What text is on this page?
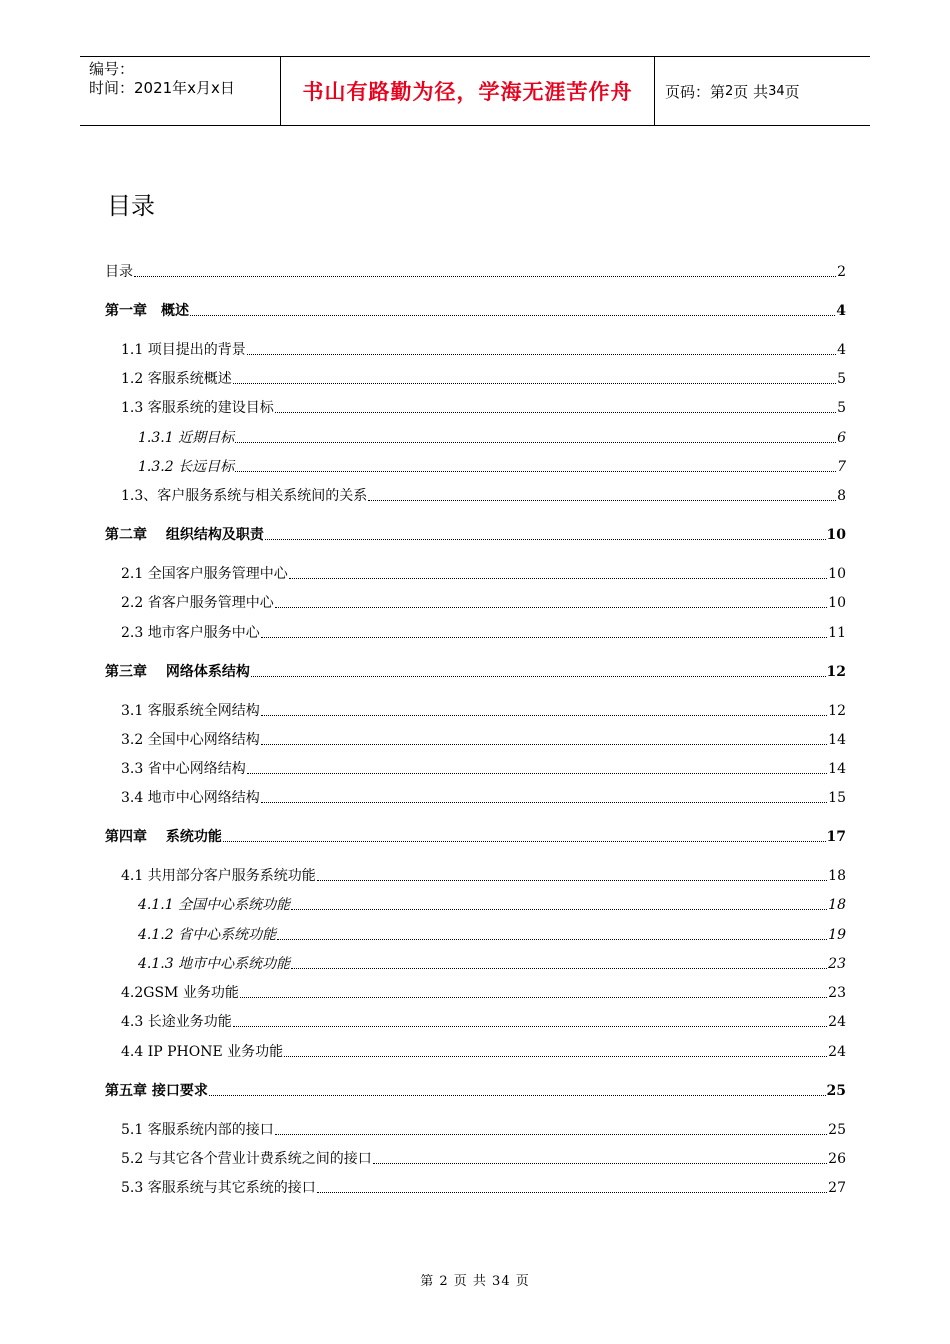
编号：
时间：2021年x月x日	书山有路勤为径，学海无涯苦作舟	页码：第 2 页 共 34 页
目录
目录	2
第一章　概述	4
1.1 项目提出的背景	4
1.2 客服系统概述	5
1.3 客服系统的建设目标	5
1.3.1 近期目标	6
1.3.2 长远目标	7
1.3、客户服务系统与相关系统间的关系	8
第二章　 组织结构及职责	10
2.1 全国客户服务管理中心	10
2.2 省客户服务管理中心	10
2.3 地市客户服务中心	11
第三章　 网络体系结构	12
3.1 客服系统全网结构	12
3.2 全国中心网络结构	14
3.3 省中心网络结构	14
3.4 地市中心网络结构	15
第四章　 系统功能	17
4.1 共用部分客户服务系统功能	18
4.1.1 全国中心系统功能	18
4.1.2 省中心系统功能	19
4.1.3 地市中心系统功能	23
4.2GSM 业务功能	23
4.3 长途业务功能	24
4.4 IP PHONE 业务功能	24
第五章 接口要求	25
5.1 客服系统内部的接口	25
5.2 与其它各个营业计费系统之间的接口	26
5.3 客服系统与其它系统的接口	27
第 2 页 共 34 页
